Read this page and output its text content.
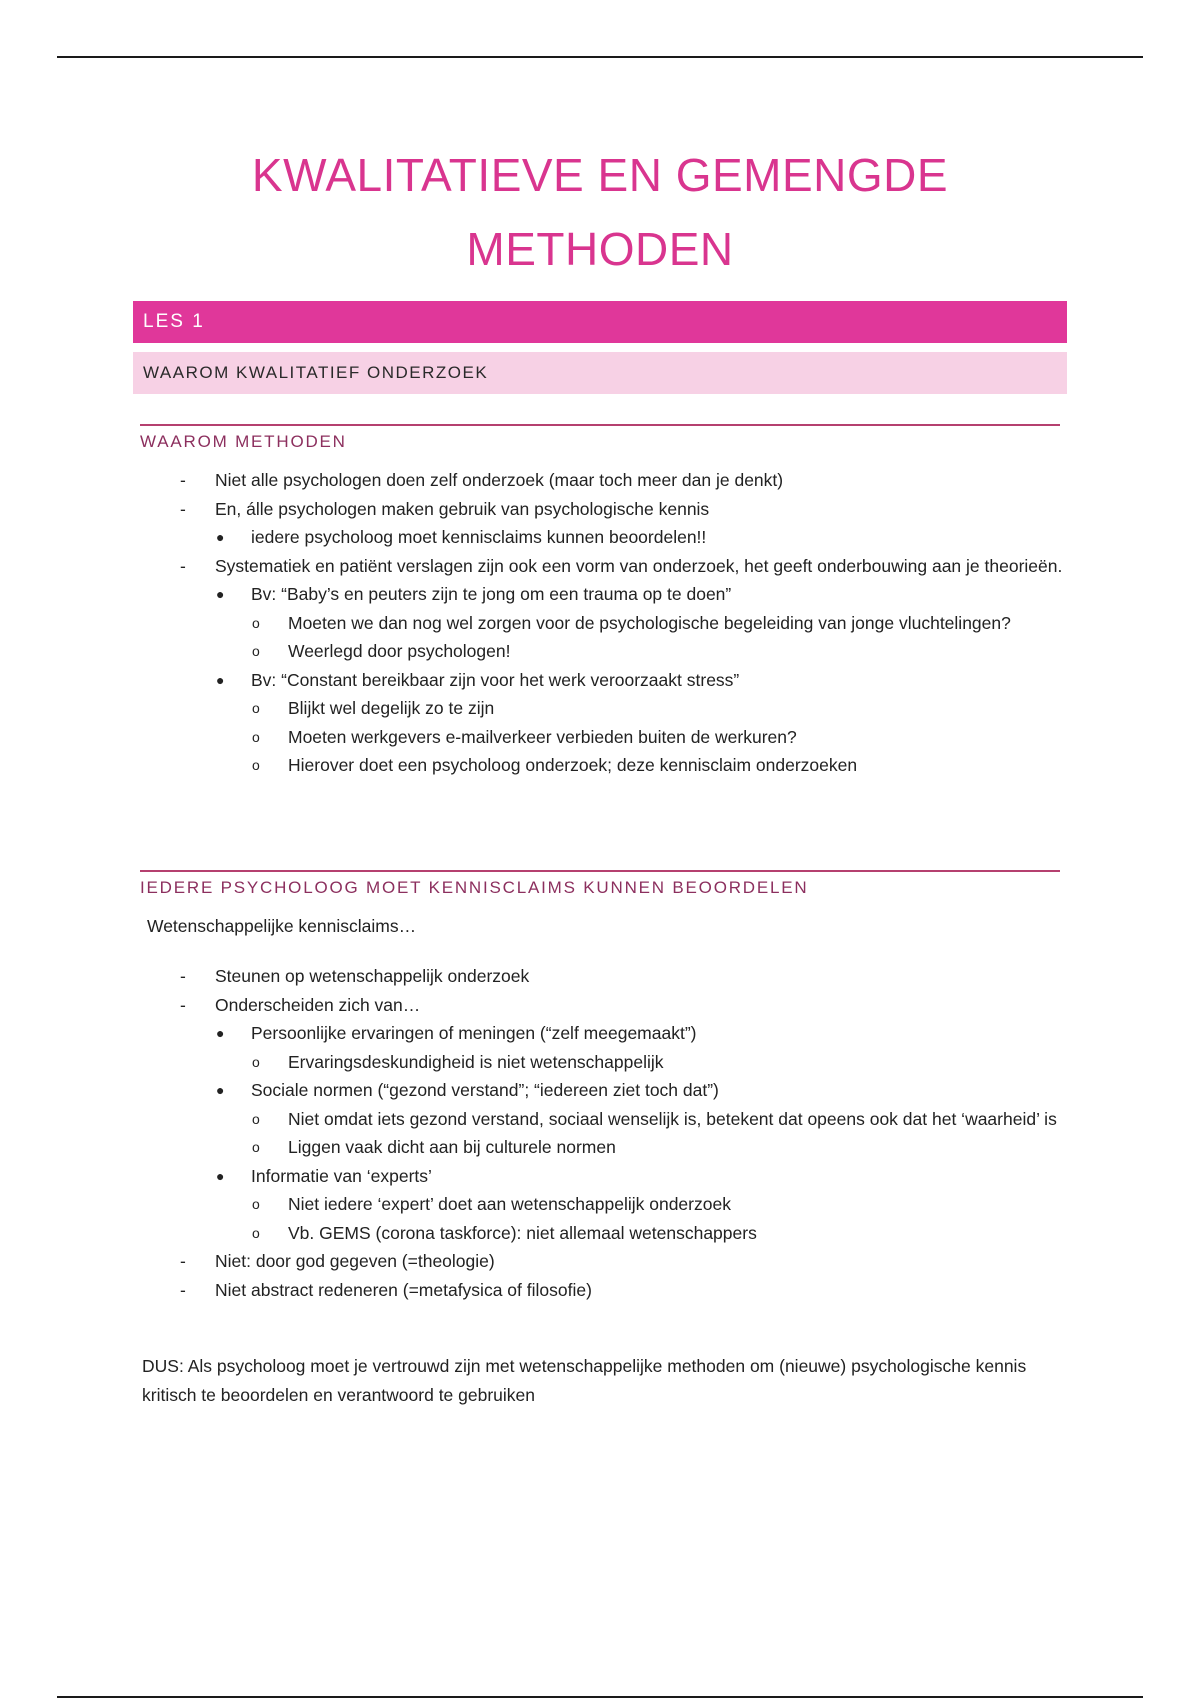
KWALITATIEVE EN GEMENGDE
METHODEN
LES 1
WAAROM KWALITATIEF ONDERZOEK
WAAROM METHODEN
- Niet alle psychologen doen zelf onderzoek (maar toch meer dan je denkt)
- En, álle psychologen maken gebruik van psychologische kennis
● iedere psycholoog moet kennisclaims kunnen beoordelen!!
- Systematiek en patiënt verslagen zijn ook een vorm van onderzoek, het geeft onderbouwing aan je theorieën.
● Bv: “Baby’s en peuters zijn te jong om een trauma op te doen”
o Moeten we dan nog wel zorgen voor de psychologische begeleiding van jonge vluchtelingen?
o Weerlegd door psychologen!
● Bv: “Constant bereikbaar zijn voor het werk veroorzaakt stress”
o Blijkt wel degelijk zo te zijn
o Moeten werkgevers e-mailverkeer verbieden buiten de werkuren?
o Hierover doet een psycholoog onderzoek; deze kennisclaim onderzoeken
IEDERE PSYCHOLOOG MOET KENNISCLAIMS KUNNEN BEOORDELEN
Wetenschappelijke kennisclaims…
- Steunen op wetenschappelijk onderzoek
- Onderscheiden zich van…
● Persoonlijke ervaringen of meningen (“zelf meegemaakt”)
o Ervaringsdeskundigheid is niet wetenschappelijk
● Sociale normen (“gezond verstand”; “iedereen ziet toch dat”)
o Niet omdat iets gezond verstand, sociaal wenselijk is, betekent dat opeens ook dat het ‘waarheid’ is
o Liggen vaak dicht aan bij culturele normen
● Informatie van ‘experts’
o Niet iedere ‘expert’ doet aan wetenschappelijk onderzoek
o Vb. GEMS (corona taskforce): niet allemaal wetenschappers
- Niet: door god gegeven (=theologie)
- Niet abstract redeneren (=metafysica of filosofie)

DUS: Als psycholoog moet je vertrouwd zijn met wetenschappelijke methoden om (nieuwe) psychologische kennis kritisch te beoordelen en verantwoord te gebruiken
